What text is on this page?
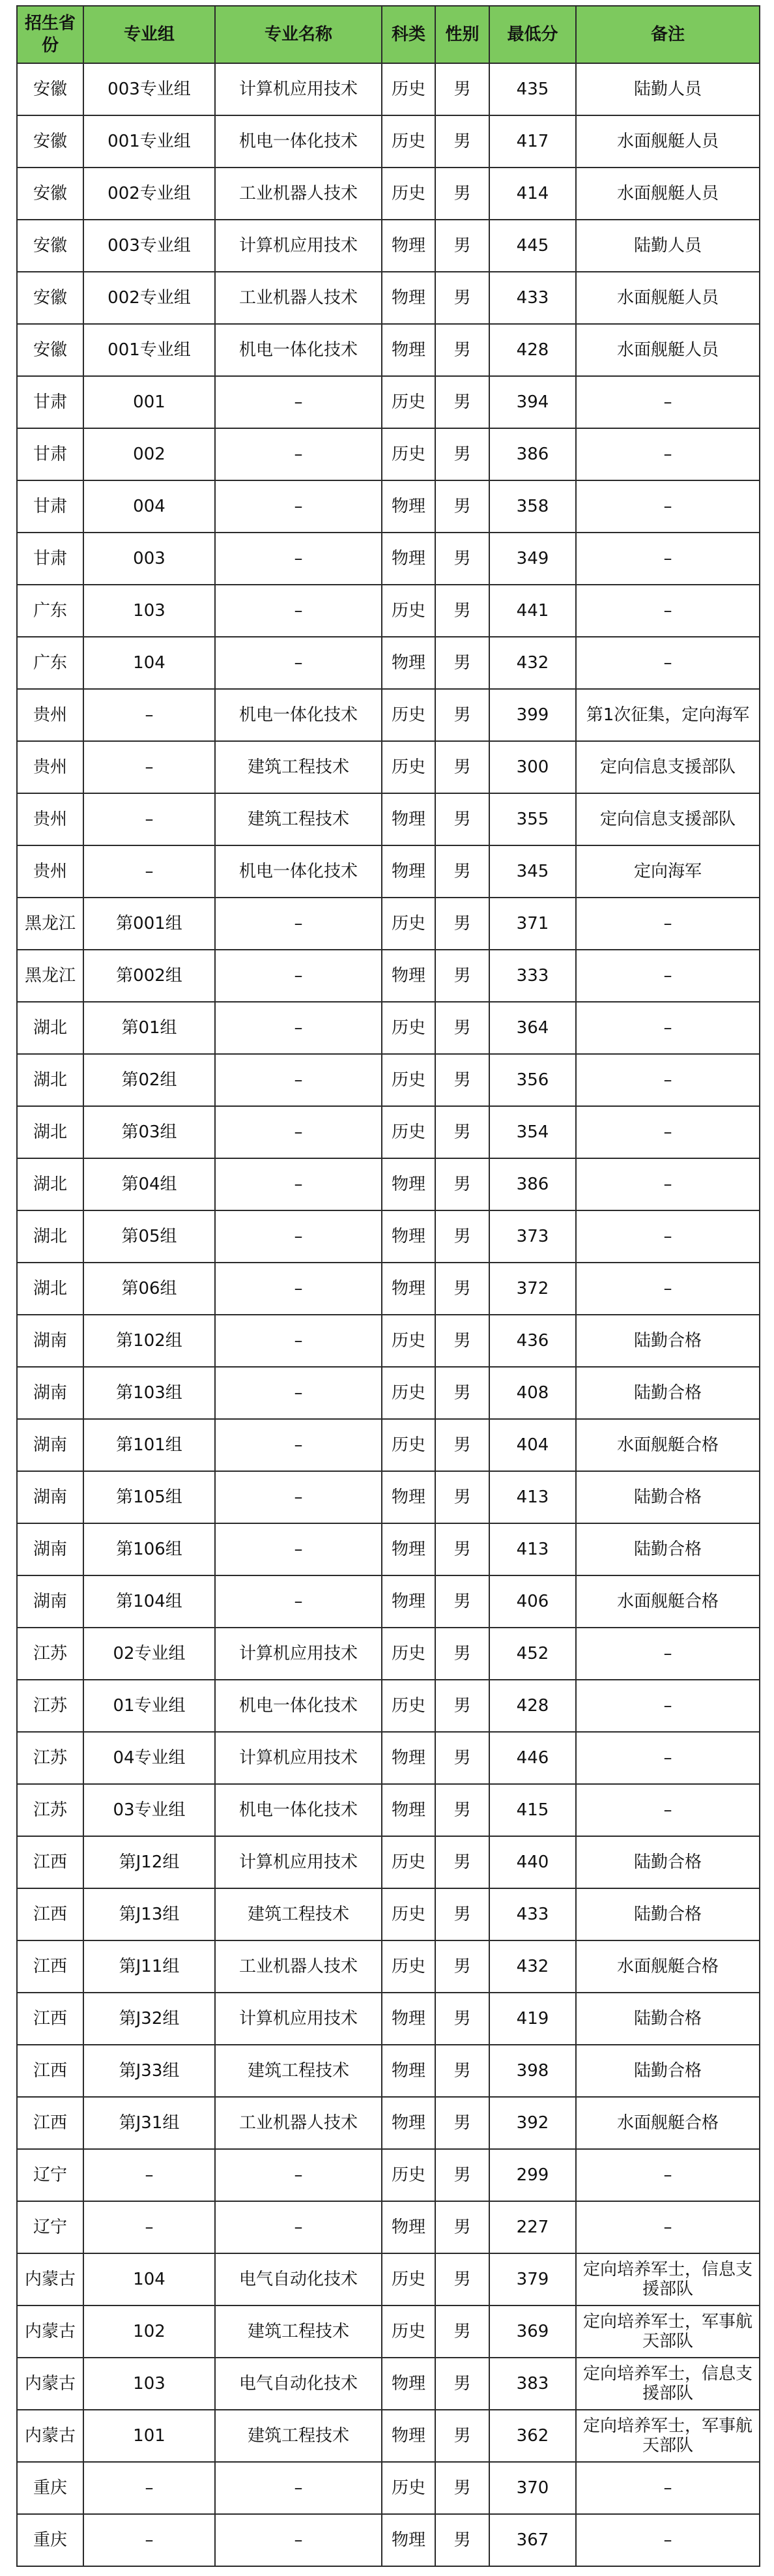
招生省份	专业组	专业名称	科类	性别	最低分	备注
安徽	003专业组	计算机应用技术	历史	男	435	陆勤人员
安徽	001专业组	机电一体化技术	历史	男	417	水面舰艇人员
安徽	002专业组	工业机器人技术	历史	男	414	水面舰艇人员
安徽	003专业组	计算机应用技术	物理	男	445	陆勤人员
安徽	002专业组	工业机器人技术	物理	男	433	水面舰艇人员
安徽	001专业组	机电一体化技术	物理	男	428	水面舰艇人员
甘肃	001	–	历史	男	394	–
甘肃	002	–	历史	男	386	–
甘肃	004	–	物理	男	358	–
甘肃	003	–	物理	男	349	–
广东	103	–	历史	男	441	–
广东	104	–	物理	男	432	–
贵州	–	机电一体化技术	历史	男	399	第1次征集，定向海军
贵州	–	建筑工程技术	历史	男	300	定向信息支援部队
贵州	–	建筑工程技术	物理	男	355	定向信息支援部队
贵州	–	机电一体化技术	物理	男	345	定向海军
黑龙江	第001组	–	历史	男	371	–
黑龙江	第002组	–	物理	男	333	–
湖北	第01组	–	历史	男	364	–
湖北	第02组	–	历史	男	356	–
湖北	第03组	–	历史	男	354	–
湖北	第04组	–	物理	男	386	–
湖北	第05组	–	物理	男	373	–
湖北	第06组	–	物理	男	372	–
湖南	第102组	–	历史	男	436	陆勤合格
湖南	第103组	–	历史	男	408	陆勤合格
湖南	第101组	–	历史	男	404	水面舰艇合格
湖南	第105组	–	物理	男	413	陆勤合格
湖南	第106组	–	物理	男	413	陆勤合格
湖南	第104组	–	物理	男	406	水面舰艇合格
江苏	02专业组	计算机应用技术	历史	男	452	–
江苏	01专业组	机电一体化技术	历史	男	428	–
江苏	04专业组	计算机应用技术	物理	男	446	–
江苏	03专业组	机电一体化技术	物理	男	415	–
江西	第J12组	计算机应用技术	历史	男	440	陆勤合格
江西	第J13组	建筑工程技术	历史	男	433	陆勤合格
江西	第J11组	工业机器人技术	历史	男	432	水面舰艇合格
江西	第J32组	计算机应用技术	物理	男	419	陆勤合格
江西	第J33组	建筑工程技术	物理	男	398	陆勤合格
江西	第J31组	工业机器人技术	物理	男	392	水面舰艇合格
辽宁	–	–	历史	男	299	–
辽宁	–	–	物理	男	227	–
内蒙古	104	电气自动化技术	历史	男	379	定向培养军士，信息支援部队
内蒙古	102	建筑工程技术	历史	男	369	定向培养军士，军事航天部队
内蒙古	103	电气自动化技术	物理	男	383	定向培养军士，信息支援部队
内蒙古	101	建筑工程技术	物理	男	362	定向培养军士，军事航天部队
重庆	–	–	历史	男	370	–
重庆	–	–	物理	男	367	–
